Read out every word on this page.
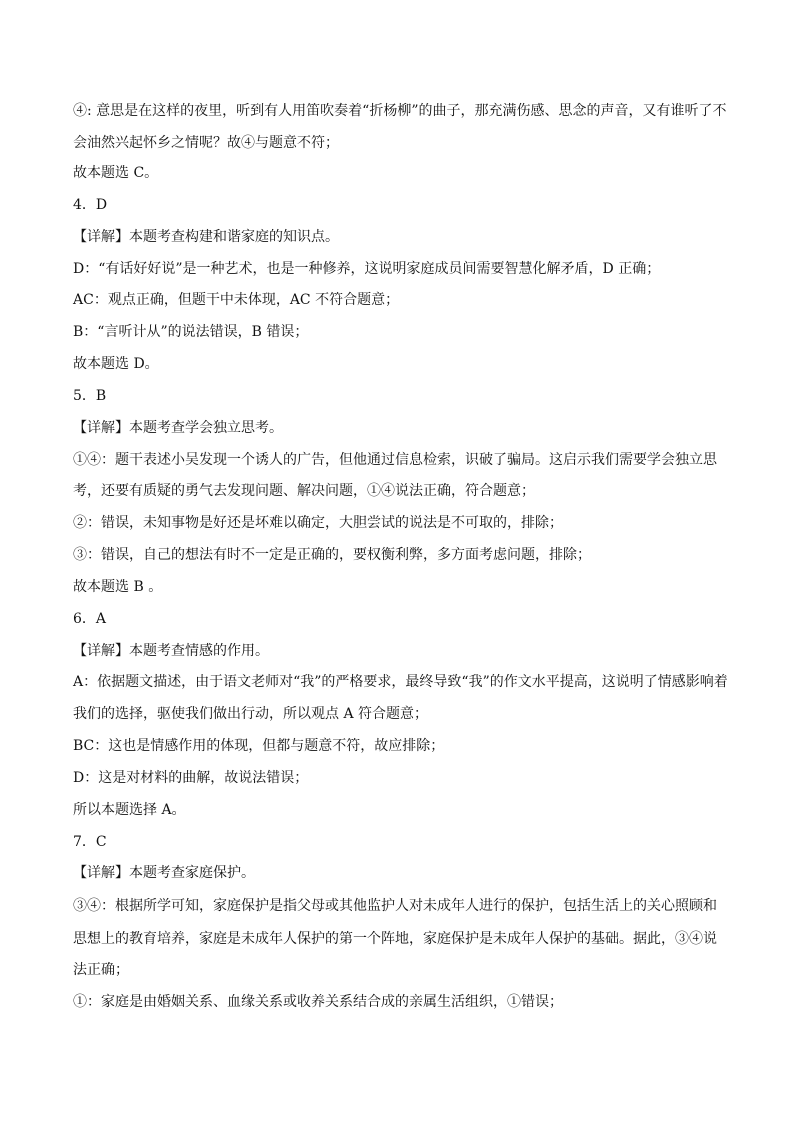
④: 意思是在这样的夜里，听到有人用笛吹奏着“折杨柳”的曲子，那充满伤感、思念的声音，又有谁听了不
会油然兴起怀乡之情呢？故④与题意不符；
故本题选 C。
4．D
【详解】本题考查构建和谐家庭的知识点。
D：“有话好好说”是一种艺术，也是一种修养，这说明家庭成员间需要智慧化解矛盾，D 正确；
AC：观点正确，但题干中未体现，AC 不符合题意；
B：“言听计从”的说法错误，B 错误；
故本题选 D。
5．B
【详解】本题考查学会独立思考。
①④：题干表述小吴发现一个诱人的广告，但他通过信息检索，识破了骗局。这启示我们需要学会独立思
考，还要有质疑的勇气去发现问题、解决问题，①④说法正确，符合题意；
②：错误，未知事物是好还是坏难以确定，大胆尝试的说法是不可取的，排除；
③：错误，自己的想法有时不一定是正确的，要权衡利弊，多方面考虑问题，排除；
故本题选 B 。
6．A
【详解】本题考查情感的作用。
A：依据题文描述，由于语文老师对“我”的严格要求，最终导致“我”的作文水平提高，这说明了情感影响着
我们的选择，驱使我们做出行动，所以观点 A 符合题意；
BC：这也是情感作用的体现，但都与题意不符，故应排除；
D：这是对材料的曲解，故说法错误；
所以本题选择 A。
7．C
【详解】本题考查家庭保护。
③④：根据所学可知，家庭保护是指父母或其他监护人对未成年人进行的保护，包括生活上的关心照顾和
思想上的教育培养，家庭是未成年人保护的第一个阵地，家庭保护是未成年人保护的基础。据此，③④说
法正确；
①：家庭是由婚姻关系、血缘关系或收养关系结合成的亲属生活组织，①错误；
